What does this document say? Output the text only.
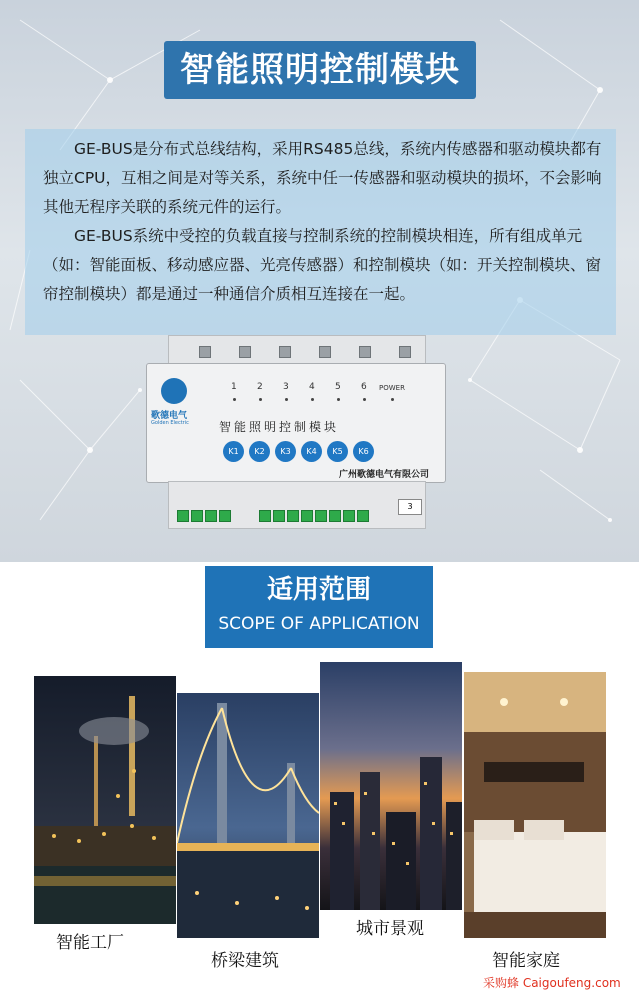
智能照明控制模块

GE-BUS是分布式总线结构，采用RS485总线，系统内传感器和驱动模块都有独立CPU，互相之间是对等关系，系统中任一传感器和驱动模块的损坏，不会影响其他无程序关联的系统元件的运行。

GE-BUS系统中受控的负载直接与控制系统的控制模块相连，所有组成单元（如：智能面板、移动感应器、光亮传感器）和控制模块（如：开关控制模块、窗帘控制模块）都是通过一种通信介质相互连接在一起。

歌德电气
Golden Electric
1 2 3 4 5 6 POWER
智能照明控制模块
K1	K2	K3	K4	K5	K6
广州歌德电气有限公司
3
适用范围
SCOPE OF APPLICATION
智能工厂
桥梁建筑
城市景观
智能家庭
采购蜂 Caigoufeng.com
